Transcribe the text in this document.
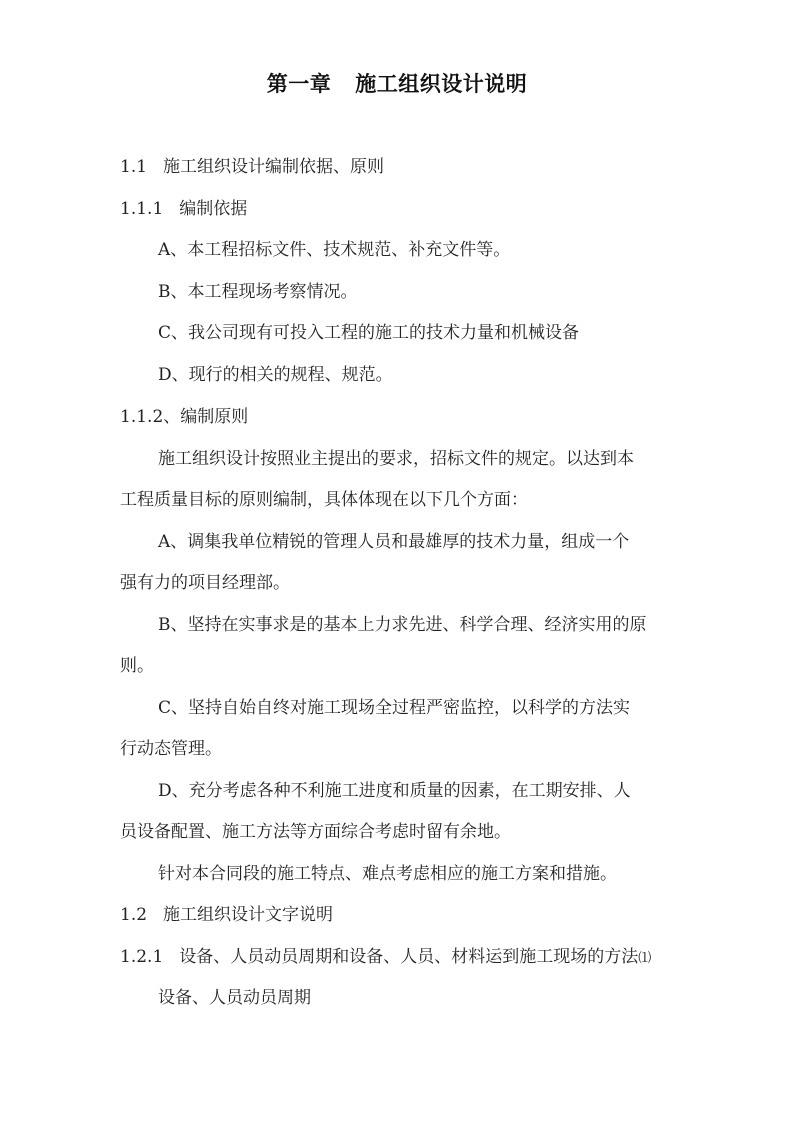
第一章 施工组织设计说明
1.1 施工组织设计编制依据、原则
1.1.1 编制依据
A、本工程招标文件、技术规范、补充文件等。
B、本工程现场考察情况。
C、我公司现有可投入工程的施工的技术力量和机械设备
D、现行的相关的规程、规范。
1.1.2、编制原则
施工组织设计按照业主提出的要求，招标文件的规定。以达到本
工程质量目标的原则编制，具体体现在以下几个方面：
A、调集我单位精锐的管理人员和最雄厚的技术力量，组成一个
强有力的项目经理部。
B、坚持在实事求是的基本上力求先进、科学合理、经济实用的原
则。
C、坚持自始自终对施工现场全过程严密监控，以科学的方法实
行动态管理。
D、充分考虑各种不利施工进度和质量的因素，在工期安排、人
员设备配置、施工方法等方面综合考虑时留有余地。
针对本合同段的施工特点、难点考虑相应的施工方案和措施。
1.2 施工组织设计文字说明
1.2.1 设备、人员动员周期和设备、人员、材料运到施工现场的方法⑴
设备、人员动员周期
